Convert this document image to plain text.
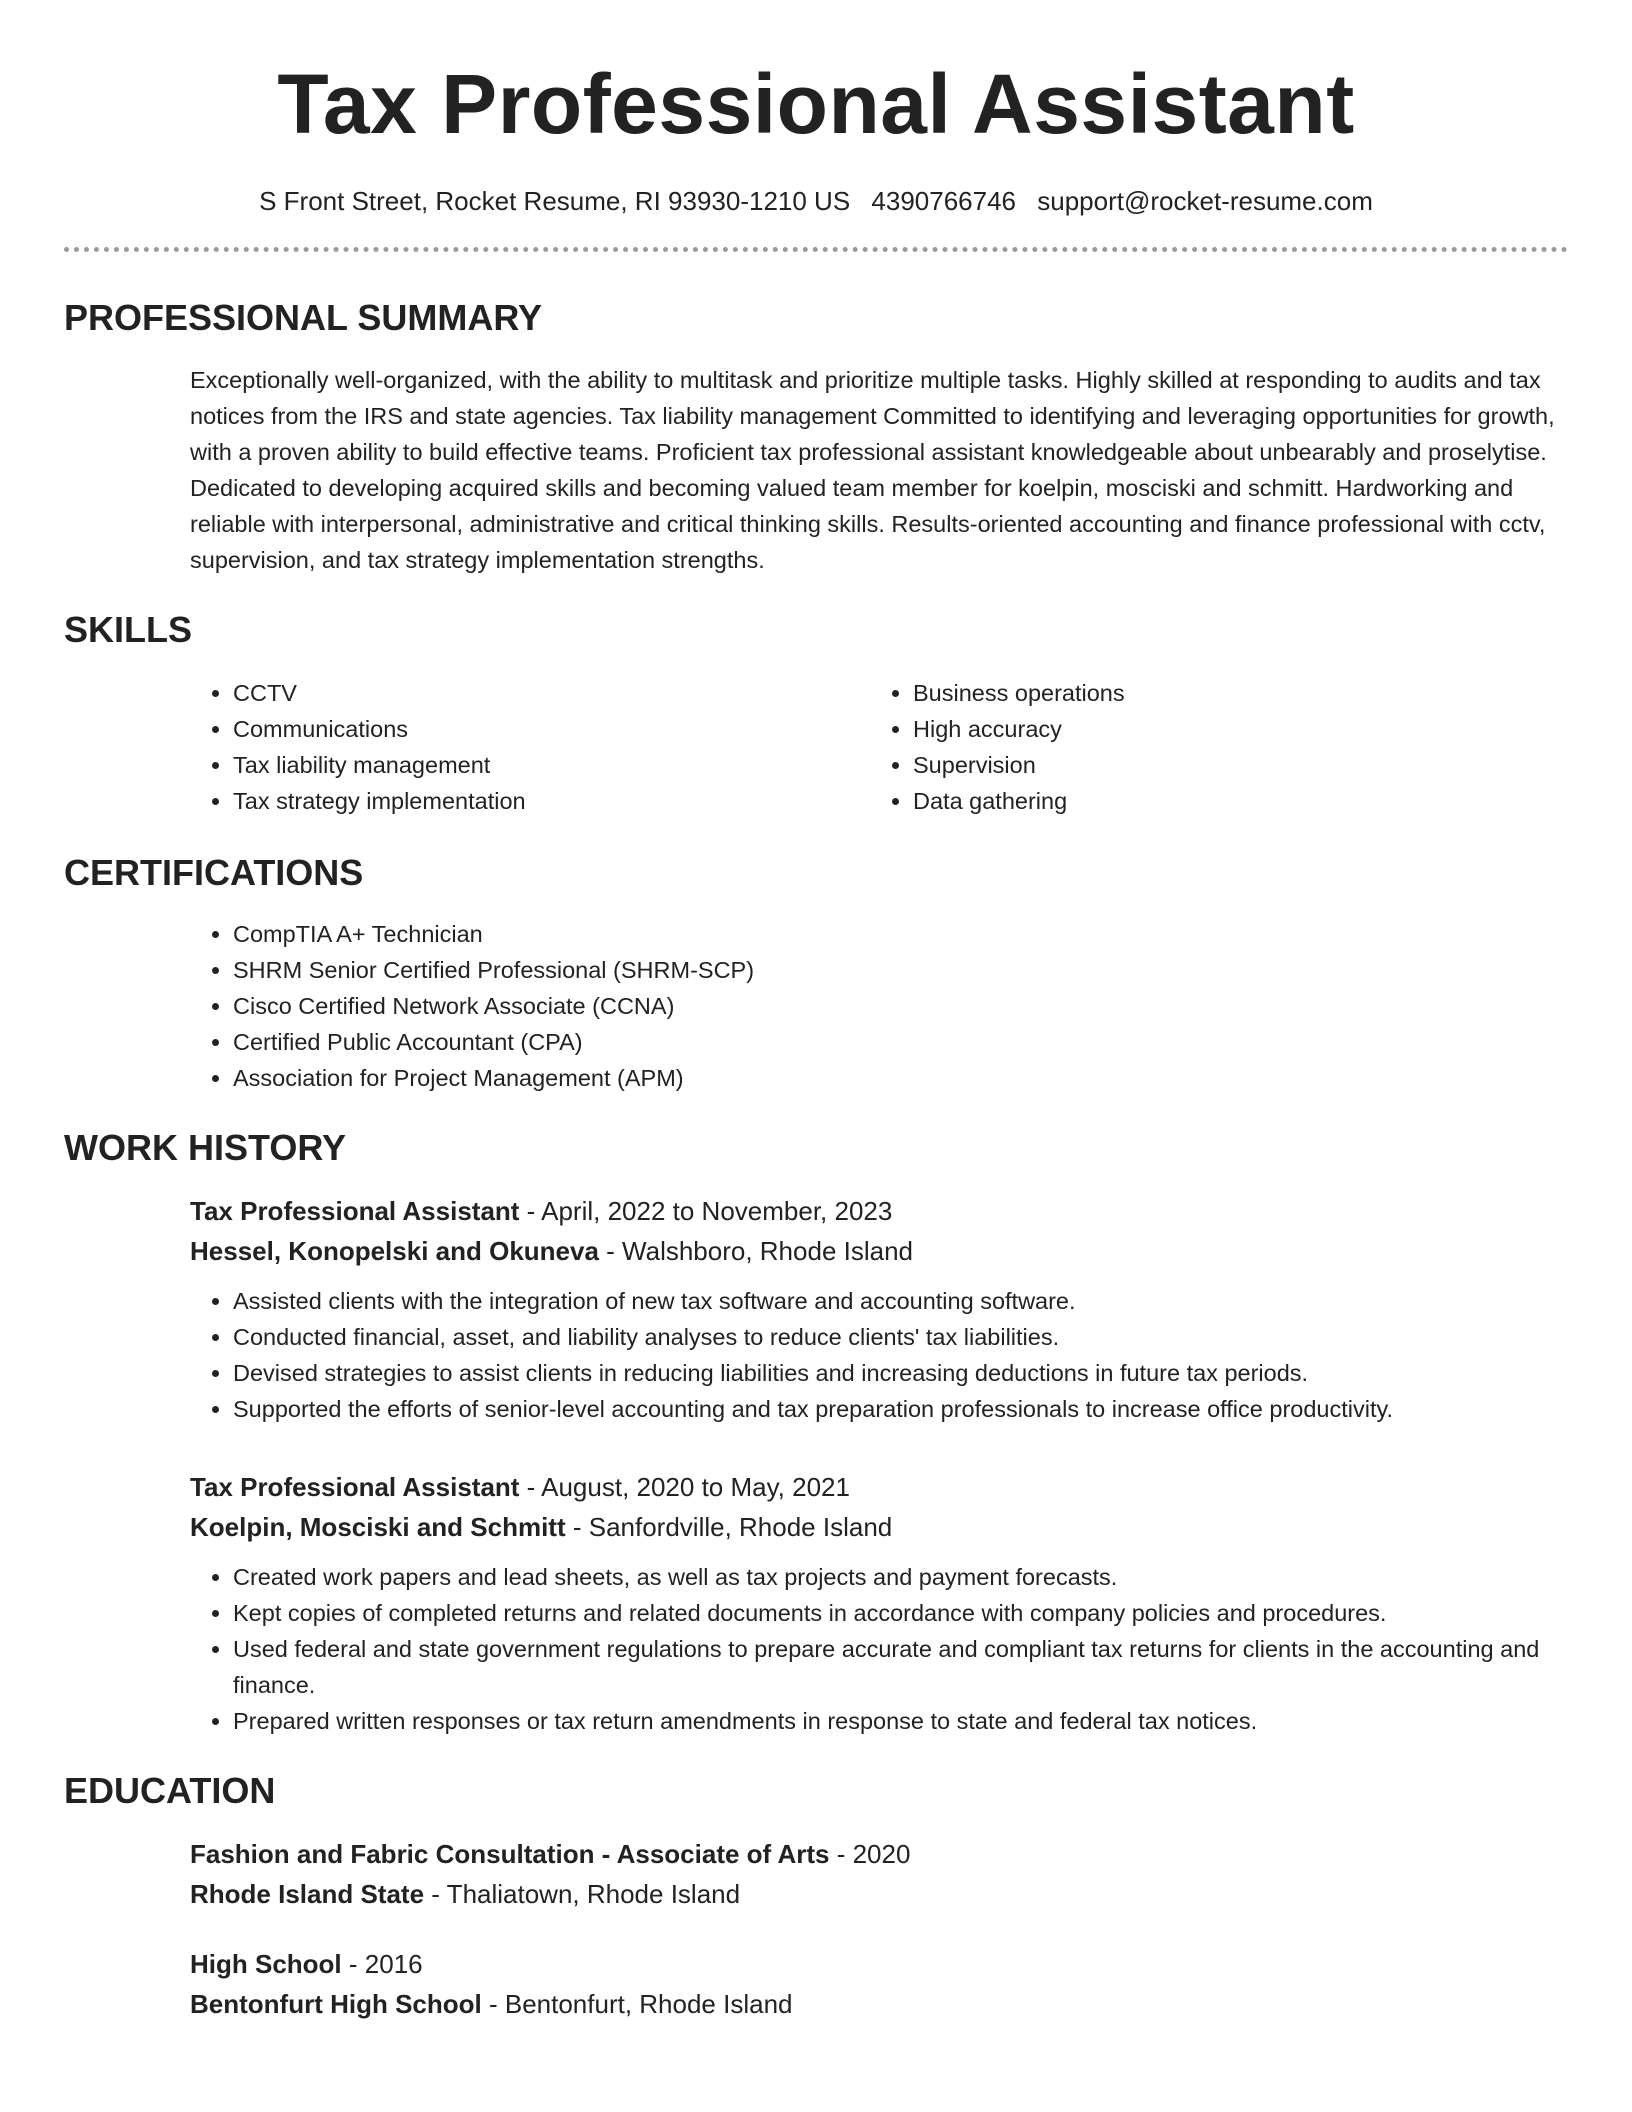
Tax Professional Assistant
S Front Street, Rocket Resume, RI 93930-1210 US 4390766746 support@rocket-resume.com
PROFESSIONAL SUMMARY

Exceptionally well-organized, with the ability to multitask and prioritize multiple tasks. Highly skilled at responding to audits and tax notices from the IRS and state agencies. Tax liability management Committed to identifying and leveraging opportunities for growth, with a proven ability to build effective teams. Proficient tax professional assistant knowledgeable about unbearably and proselytise. Dedicated to developing acquired skills and becoming valued team member for koelpin, mosciski and schmitt. Hardworking and reliable with interpersonal, administrative and critical thinking skills. Results-oriented accounting and finance professional with cctv, supervision, and tax strategy implementation strengths.

SKILLS
• CCTV
• Communications
• Tax liability management
• Tax strategy implementation
• Business operations
• High accuracy
• Supervision
• Data gathering
CERTIFICATIONS
• CompTIA A+ Technician
• SHRM Senior Certified Professional (SHRM-SCP)
• Cisco Certified Network Associate (CCNA)
• Certified Public Accountant (CPA)
• Association for Project Management (APM)
WORK HISTORY
Tax Professional Assistant - April, 2022 to November, 2023
Hessel, Konopelski and Okuneva - Walshboro, Rhode Island
• Assisted clients with the integration of new tax software and accounting software.
• Conducted financial, asset, and liability analyses to reduce clients' tax liabilities.
• Devised strategies to assist clients in reducing liabilities and increasing deductions in future tax periods.
• Supported the efforts of senior-level accounting and tax preparation professionals to increase office productivity.
Tax Professional Assistant - August, 2020 to May, 2021
Koelpin, Mosciski and Schmitt - Sanfordville, Rhode Island
• Created work papers and lead sheets, as well as tax projects and payment forecasts.
• Kept copies of completed returns and related documents in accordance with company policies and procedures.
• Used federal and state government regulations to prepare accurate and compliant tax returns for clients in the accounting and finance.
• Prepared written responses or tax return amendments in response to state and federal tax notices.
EDUCATION
Fashion and Fabric Consultation - Associate of Arts - 2020
Rhode Island State - Thaliatown, Rhode Island
High School - 2016
Bentonfurt High School - Bentonfurt, Rhode Island
